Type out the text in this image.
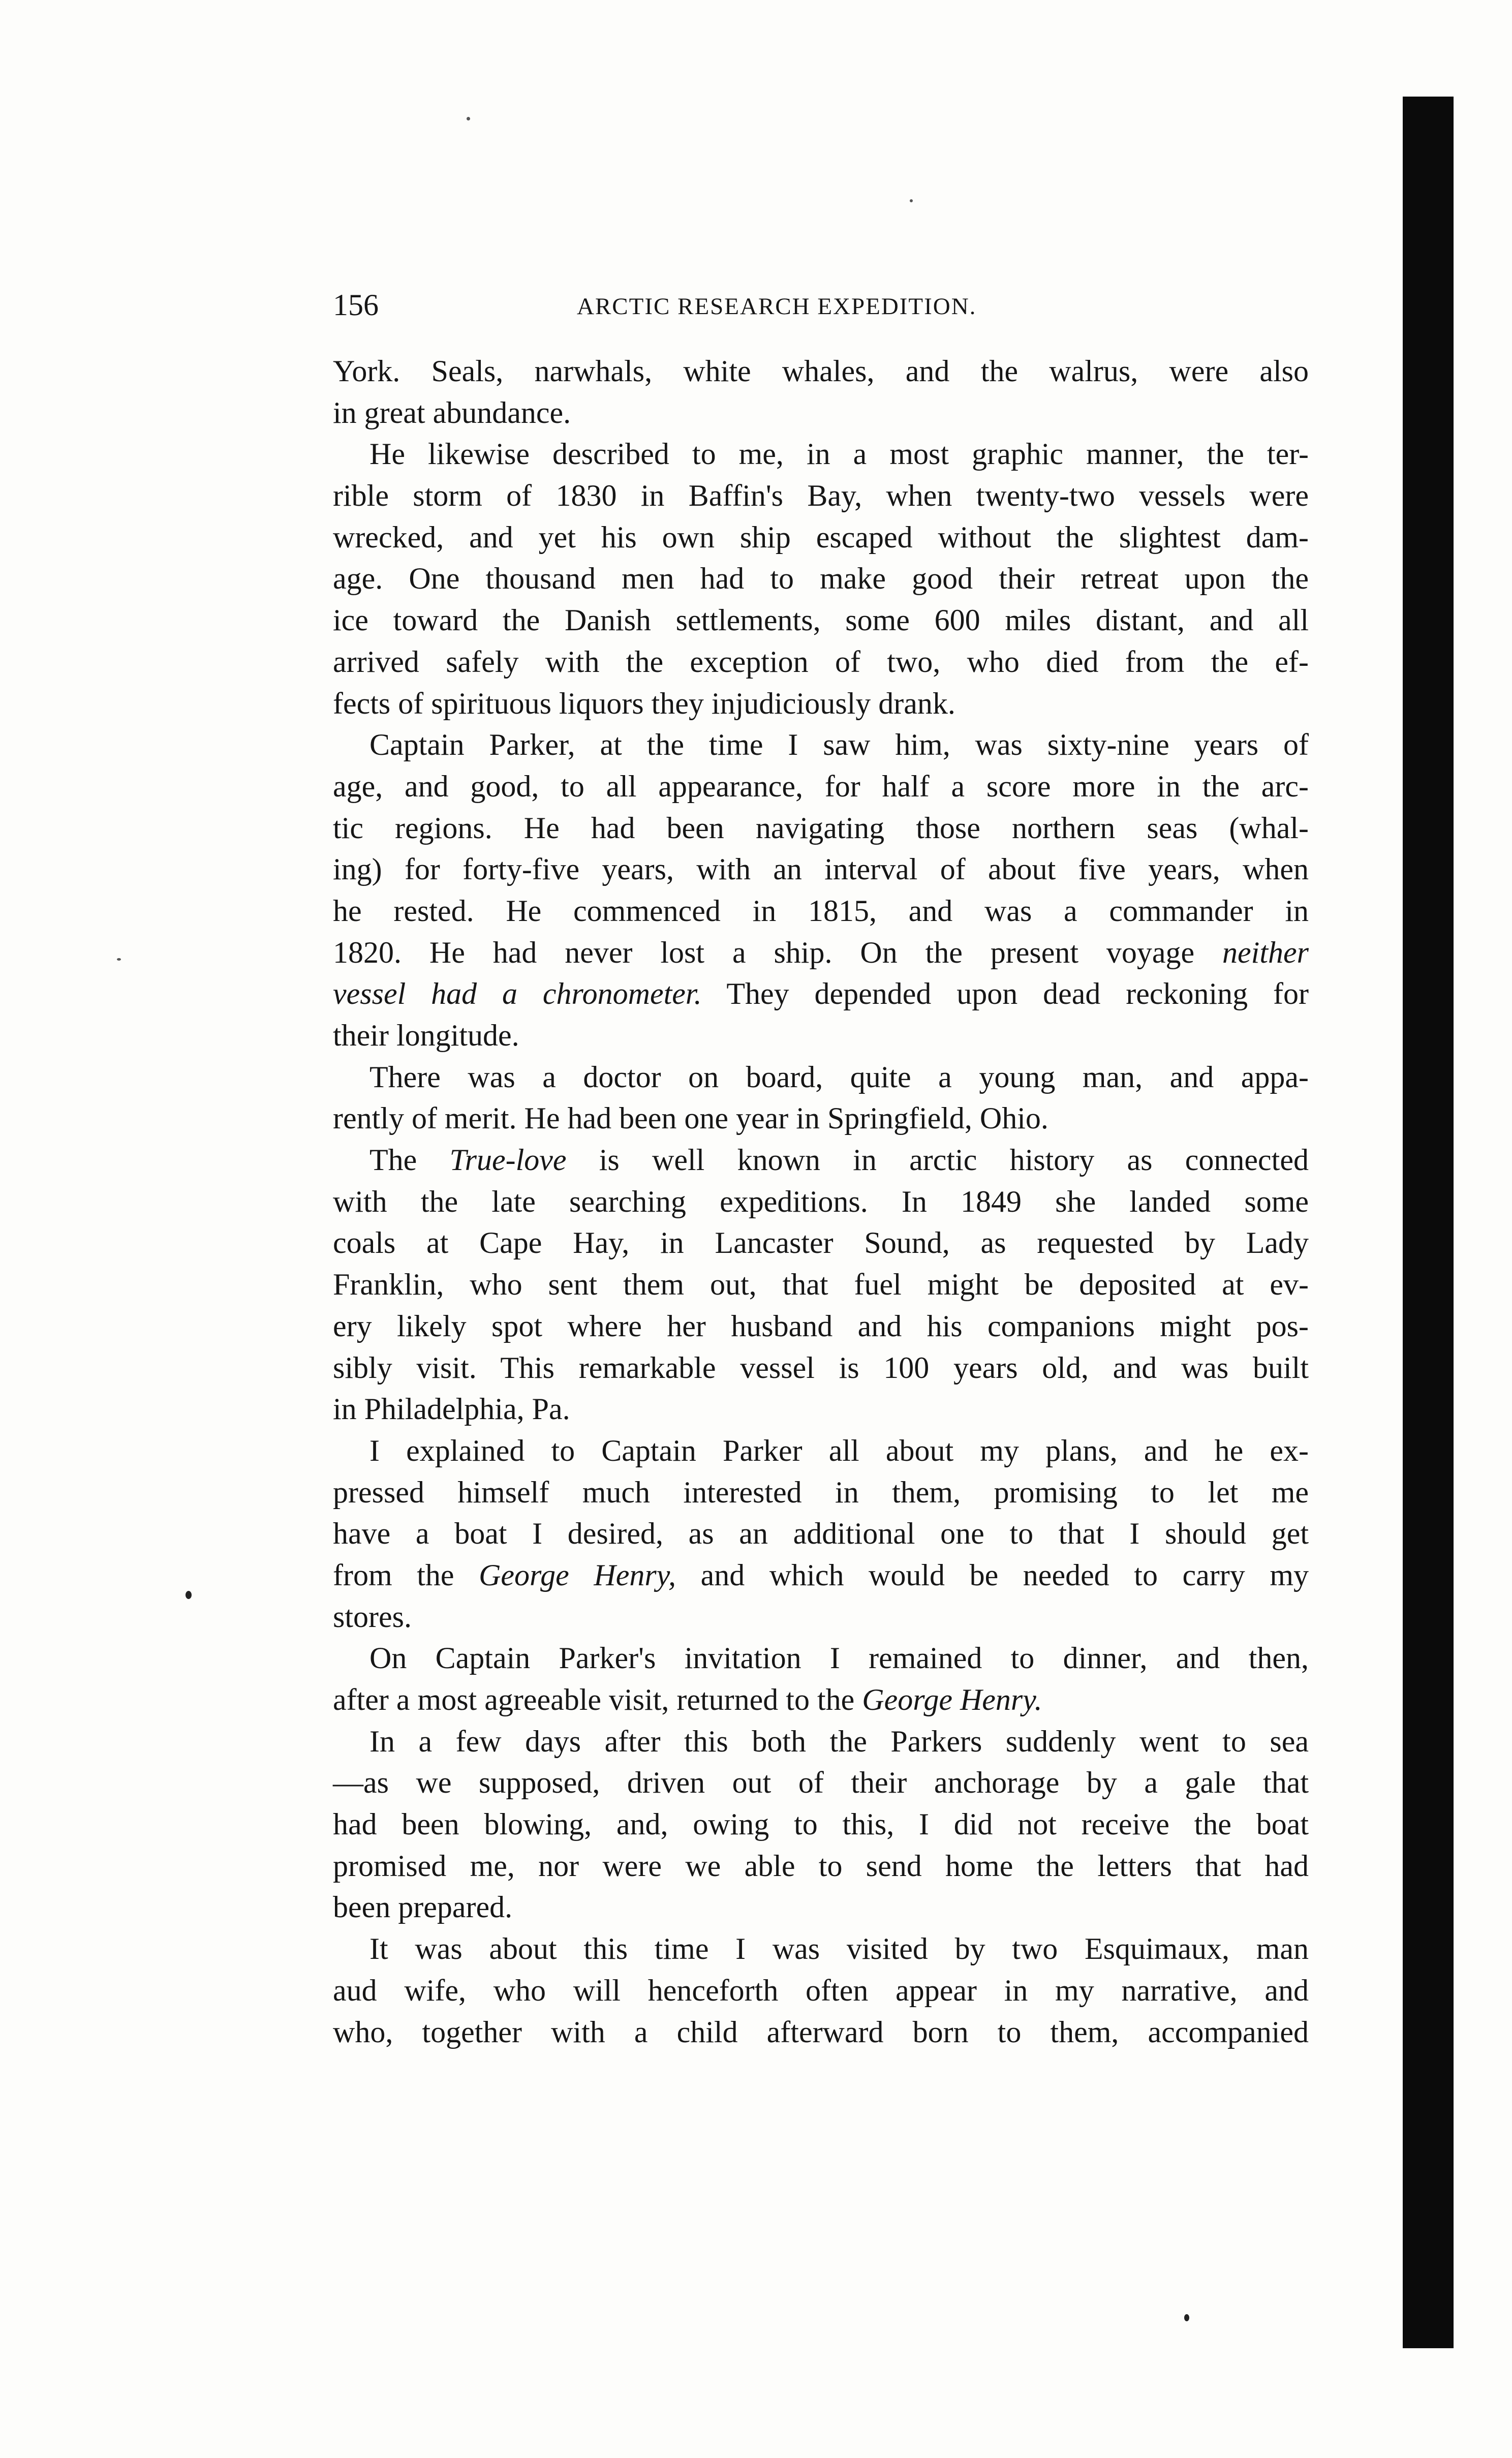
156	ARCTIC RESEARCH EXPEDITION.
York. Seals, narwhals, white whales, and the walrus, were also
in great abundance.
He likewise described to me, in a most graphic manner, the ter-
rible storm of 1830 in Baffin's Bay, when twenty-two vessels were
wrecked, and yet his own ship escaped without the slightest dam-
age. One thousand men had to make good their retreat upon the
ice toward the Danish settlements, some 600 miles distant, and all
arrived safely with the exception of two, who died from the ef-
fects of spirituous liquors they injudiciously drank.
Captain Parker, at the time I saw him, was sixty-nine years of
age, and good, to all appearance, for half a score more in the arc-
tic regions. He had been navigating those northern seas (whal-
ing) for forty-five years, with an interval of about five years, when
he rested. He commenced in 1815, and was a commander in
1820. He had never lost a ship. On the present voyage neither
vessel had a chronometer. They depended upon dead reckoning for
their longitude.
There was a doctor on board, quite a young man, and appa-
rently of merit. He had been one year in Springfield, Ohio.
The True-love is well known in arctic history as connected
with the late searching expeditions. In 1849 she landed some
coals at Cape Hay, in Lancaster Sound, as requested by Lady
Franklin, who sent them out, that fuel might be deposited at ev-
ery likely spot where her husband and his companions might pos-
sibly visit. This remarkable vessel is 100 years old, and was built
in Philadelphia, Pa.
I explained to Captain Parker all about my plans, and he ex-
pressed himself much interested in them, promising to let me
have a boat I desired, as an additional one to that I should get
from the George Henry, and which would be needed to carry my
stores.
On Captain Parker's invitation I remained to dinner, and then,
after a most agreeable visit, returned to the George Henry.
In a few days after this both the Parkers suddenly went to sea
—as we supposed, driven out of their anchorage by a gale that
had been blowing, and, owing to this, I did not receive the boat
promised me, nor were we able to send home the letters that had
been prepared.
It was about this time I was visited by two Esquimaux, man
aud wife, who will henceforth often appear in my narrative, and
who, together with a child afterward born to them, accompanied
